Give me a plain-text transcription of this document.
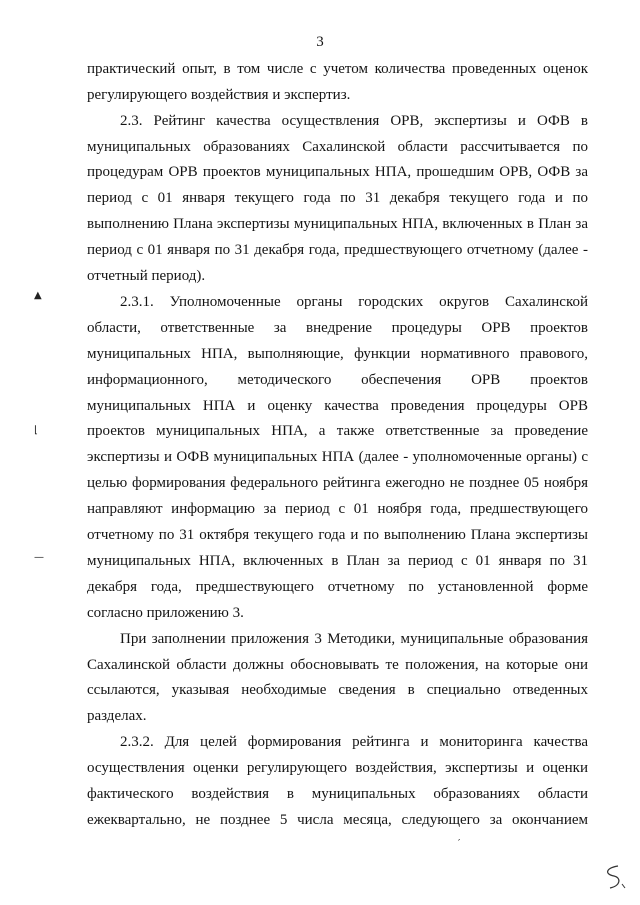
3
практический опыт, в том числе с учетом количества проведенных оценок
регулирующего воздействия и экспертиз.
2.3. Рейтинг качества осуществления ОРВ, экспертизы и ОФВ в
муниципальных образованиях Сахалинской области рассчитывается по
процедурам ОРВ проектов муниципальных НПА, прошедшим ОРВ, ОФВ за
период с 01 января текущего года по 31 декабря текущего года и по
выполнению Плана экспертизы муниципальных НПА, включенных в План за
период с 01 января по 31 декабря года, предшествующего отчетному (далее -
отчетный период).
2.3.1. Уполномоченные органы городских округов Сахалинской
области, ответственные за внедрение процедуры ОРВ проектов
муниципальных НПА, выполняющие, функции нормативного правового,
информационного, методического обеспечения ОРВ проектов
муниципальных НПА и оценку качества проведения процедуры ОРВ
проектов муниципальных НПА, а также ответственные за проведение
экспертизы и ОФВ муниципальных НПА (далее - уполномоченные органы) с
целью формирования федерального рейтинга ежегодно не позднее 05 ноября
направляют информацию за период с 01 ноября года, предшествующего
отчетному по 31 октября текущего года и по выполнению Плана экспертизы
муниципальных НПА, включенных в План за период с 01 января по 31
декабря года, предшествующего отчетному по установленной форме
согласно приложению 3.
При заполнении приложения 3 Методики, муниципальные образования
Сахалинской области должны обосновывать те положения, на которые они
ссылаются, указывая необходимые сведения в специально отведенных
разделах.
2.3.2. Для целей формирования рейтинга и мониторинга качества
осуществления оценки регулирующего воздействия, экспертизы и оценки
фактического воздействия в муниципальных образованиях области
ежеквартально, не позднее 5 числа месяца, следующего за окончанием
▲
⌊
—
′
